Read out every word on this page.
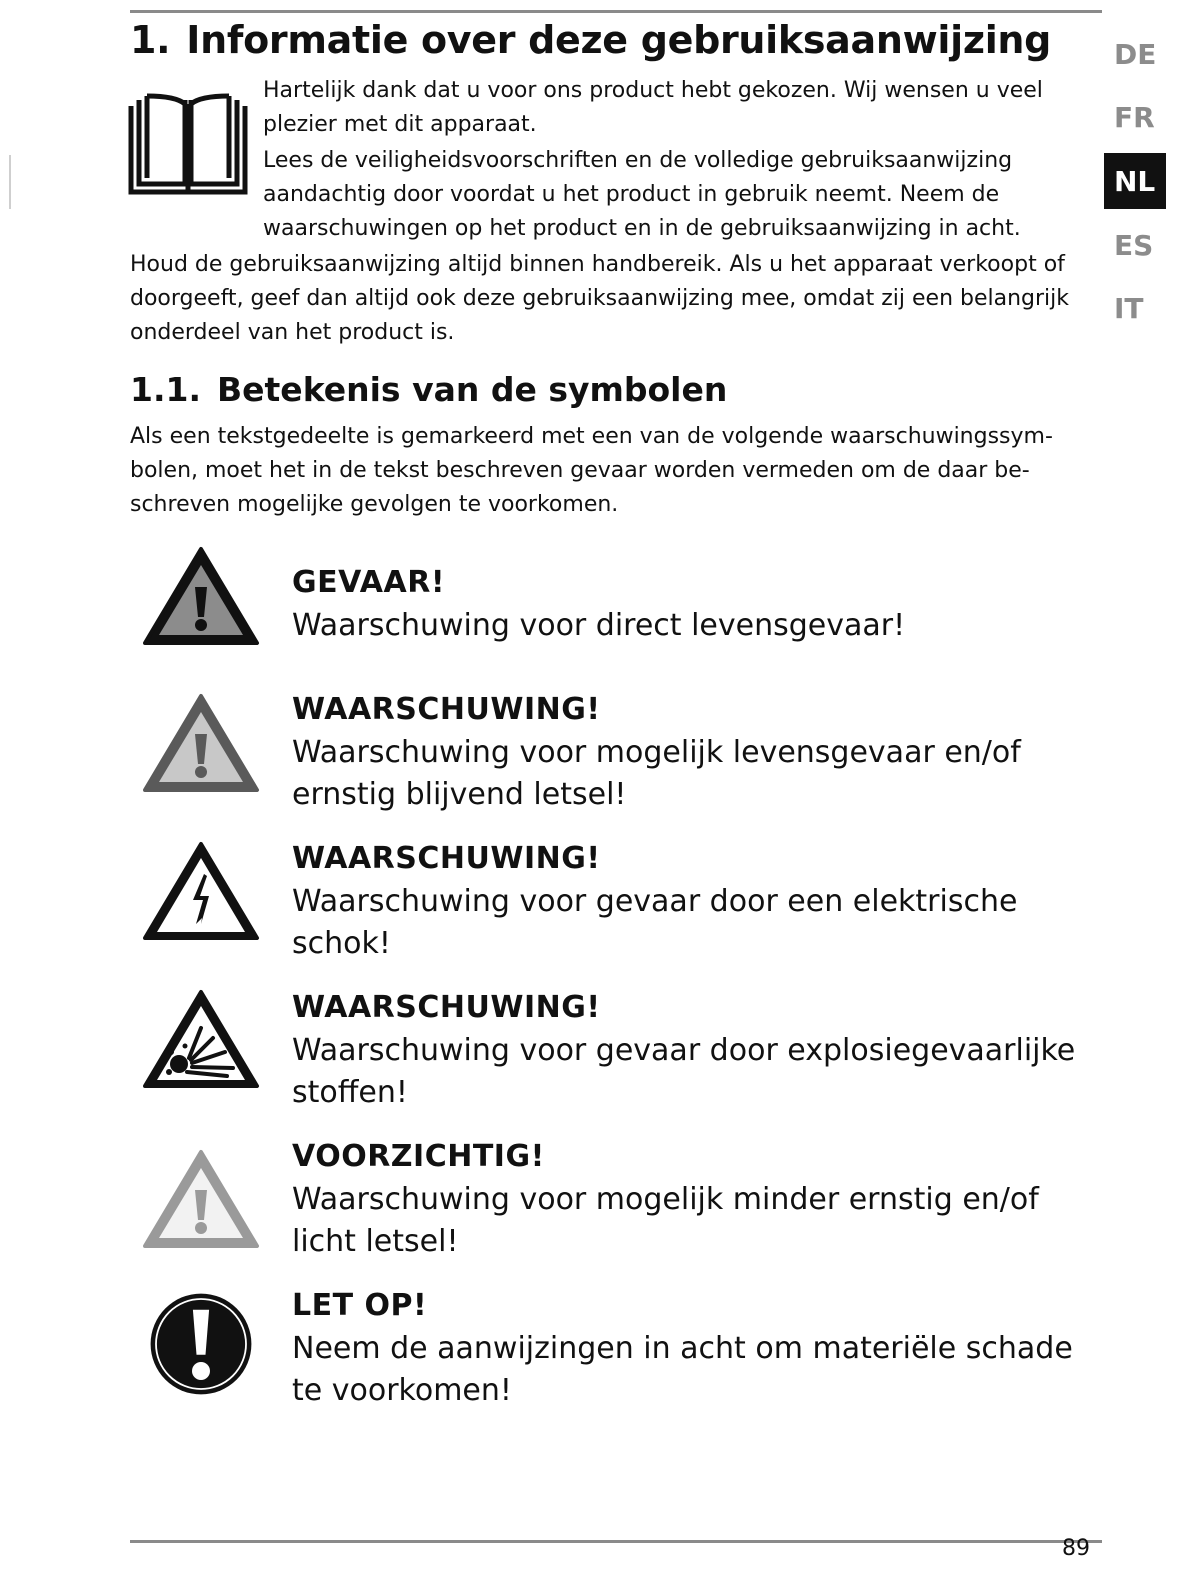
1. Informatie over deze gebruiksaanwijzing

Hartelijk dank dat u voor ons product hebt gekozen. Wij wensen u veel plezier met dit apparaat.

Lees de veiligheidsvoorschriften en de volledige gebruiksaanwijzing aandachtig door voordat u het product in gebruik neemt. Neem de waarschuwingen op het product en in de gebruiksaanwijzing in acht.

Houd de gebruiksaanwijzing altijd binnen handbereik. Als u het apparaat verkoopt of doorgeeft, geef dan altijd ook deze gebruiksaanwijzing mee, omdat zij een belangrijk onderdeel van het product is.

1.1. Betekenis van de symbolen

Als een tekstgedeelte is gemarkeerd met een van de volgende waarschuwingssymbolen, moet het in de tekst beschreven gevaar worden vermeden om de daar beschreven mogelijke gevolgen te voorkomen.

GEVAAR!

Waarschuwing voor direct levensgevaar!

WAARSCHUWING!

Waarschuwing voor mogelijk levensgevaar en/of ernstig blijvend letsel!

WAARSCHUWING!

Waarschuwing voor gevaar door een elektrische schok!

WAARSCHUWING!

Waarschuwing voor gevaar door explosiegevaarlijke stoffen!

VOORZICHTIG!

Waarschuwing voor mogelijk minder ernstig en/of licht letsel!

LET OP!

Neem de aanwijzingen in acht om materiële schade te voorkomen!

DE
FR
NL
ES
IT
89
